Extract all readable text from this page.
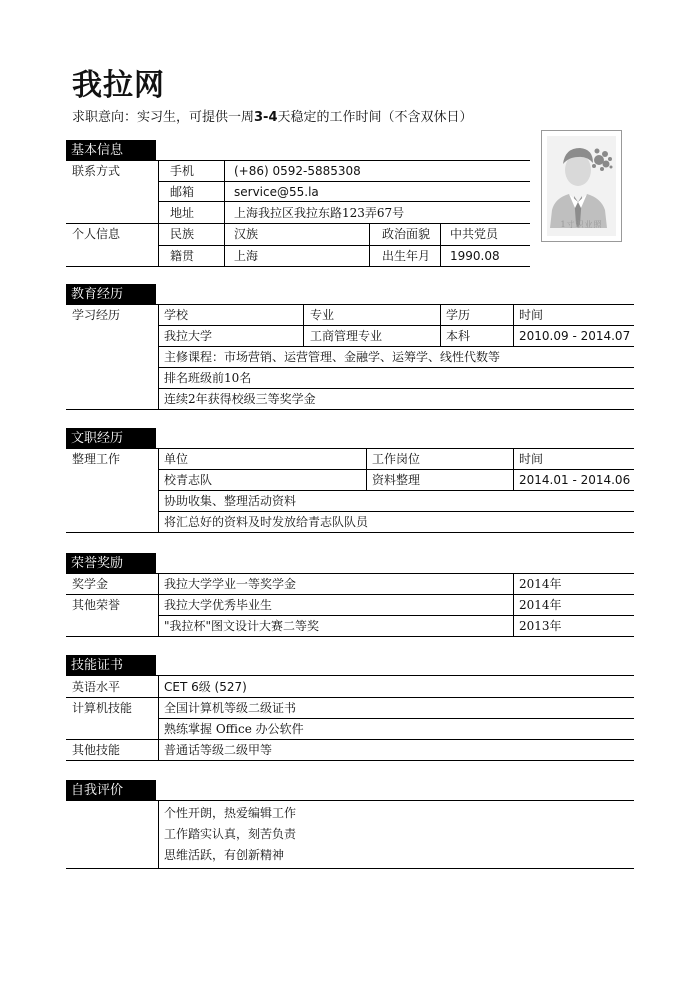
我拉网
求职意向：实习生，可提供一周3-4天稳定的工作时间（不含双休日）
1寸职业照
基本信息
联系方式	手机	(+86) 0592-5885308
邮箱	service@55.la
地址	上海我拉区我拉东路123弄67号
个人信息	民族	汉族	政治面貌 中共党员
籍贯	上海	出生年月 1990.08
教育经历
学习经历	学校	专业	学历	时间
我拉大学	工商管理专业	本科	2010.09 - 2014.07
主修课程：市场营销、运营管理、金融学、运筹学、线性代数等
排名班级前10名
连续2年获得校级三等奖学金
文职经历
整理工作	单位	工作岗位	时间
校青志队	资料整理	2014.01 - 2014.06
协助收集、整理活动资料
将汇总好的资料及时发放给青志队队员
荣誉奖励
奖学金	我拉大学学业一等奖学金	2014年
其他荣誉	我拉大学优秀毕业生	2014年
"我拉杯"图文设计大赛二等奖	2013年
技能证书
英语水平	CET 6级 (527)
计算机技能	全国计算机等级二级证书
熟练掌握 Office 办公软件
其他技能	普通话等级二级甲等
自我评价
个性开朗，热爱编辑工作
工作踏实认真，刻苦负责
思维活跃，有创新精神
